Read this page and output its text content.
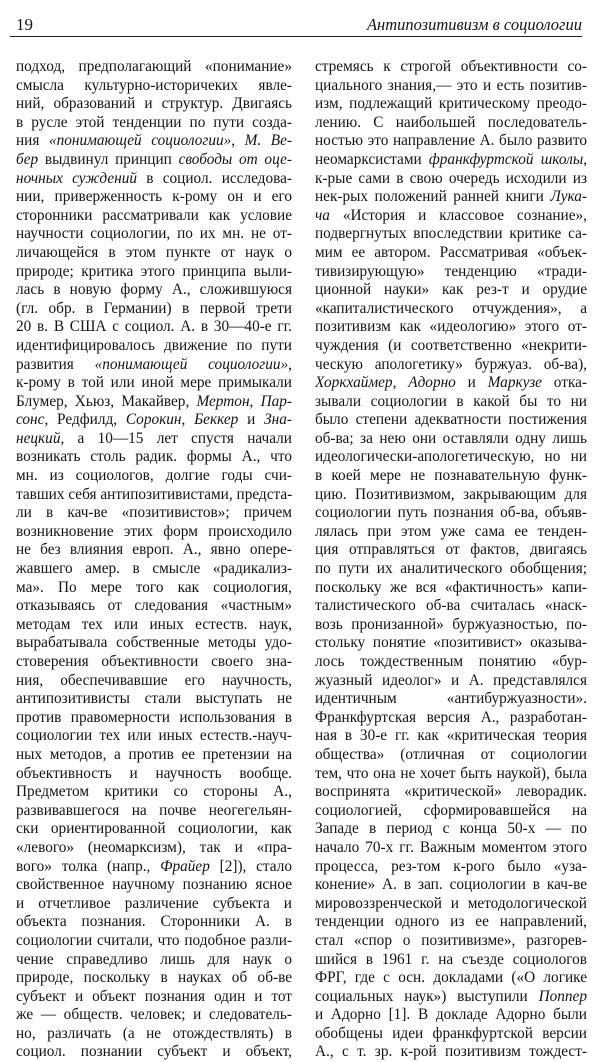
19	Антипозитивизм в социологии
подход, предполагающий «понимание»
смысла культурно-историчеких явле-
ний, образований и структур. Двигаясь
в русле этой тенденции по пути созда-
ния «понимающей социологии», М. Ве-
бер выдвинул принцип свободы от оце-
ночных суждений в социол. исследова-
нии, приверженность к-рому он и его
сторонники рассматривали как условие
научности социологии, по их мн. не от-
личающейся в этом пункте от наук о
природе; критика этого принципа выли-
лась в новую форму А., сложившуюся
(гл. обр. в Германии) в первой трети
20 в. В США с социол. А. в 30—40-е гг.
идентифицировалось движение по пути
развития «понимающей социологии»,
к-рому в той или иной мере примыкали
Блумер, Хьюз, Макайвер, Мертон, Пар-
сонс, Редфилд, Сорокин, Беккер и Зна-
нецкий, а 10—15 лет спустя начали
возникать столь радик. формы А., что
мн. из социологов, долгие годы счи-
тавших себя антипозитивистами, предста-
ли в кач-ве «позитивистов»; причем
возникновение этих форм происходило
не без влияния европ. А., явно опере-
жавшего амер. в смысле «радикализ-
ма». По мере того как социология,
отказываясь от следования «частным»
методам тех или иных естеств. наук,
вырабатывала собственные методы удо-
стоверения объективности своего зна-
ния, обеспечивавшие его научность,
антипозитивисты стали выступать не
против правомерности использования в
социологии тех или иных естеств.-науч-
ных методов, а против ее претензии на
объективность и научность вообще.
Предметом критики со стороны А.,
развивавшегося на почве неогегельян-
ски ориентированной социологии, как
«левого» (неомарксизм), так и «пра-
вого» толка (напр., Фрайер [2]), стало
свойственное научному познанию ясное
и отчетливое различение субъекта и
объекта познания. Сторонники А. в
социологии считали, что подобное разли-
чение справедливо лишь для наук о
природе, поскольку в науках об об-ве
субъект и объект познания один и тот
же — обществ. человек; и следователь-
но, различать (а не отождествлять) в
социол. познании субъект и объект,
стремясь к строгой объективности со-
циального знания,— это и есть позитив-
изм, подлежащий критическому преодо-
лению. С наибольшей последователь-
ностью это направление А. было развито
неомарксистами франкфуртской школы,
к-рые сами в свою очередь исходили из
нек-рых положений ранней книги Лука-
ча «История и классовое сознание»,
подвергнутых впоследствии критике са-
мим ее автором. Рассматривая «объек-
тивизирующую» тенденцию «тради-
ционной науки» как рез-т и орудие
«капиталистического отчуждения», а
позитивизм как «идеологию» этого от-
чуждения (и соответственно «некрити-
ческую апологетику» буржуаз. об-ва),
Хоркхаймер, Адорно и Маркузе отка-
зывали социологии в какой бы то ни
было степени адекватности постижения
об-ва; за нею они оставляли одну лишь
идеологически-апологетическую, но ни
в коей мере не познавательную функ-
цию. Позитивизмом, закрывающим для
социологии путь познания об-ва, объяв-
лялась при этом уже сама ее тенден-
ция отправляться от фактов, двигаясь
по пути их аналитического обобщения;
поскольку же вся «фактичность» капи-
талистического об-ва считалась «наск-
возь пронизанной» буржуазностью, по-
стольку понятие «позитивист» оказыва-
лось тождественным понятию «бур-
жуазный идеолог» и А. представлялся
идентичным «антибуржуазности».
Франкфуртская версия А., разработан-
ная в 30-е гг. как «критическая теория
общества» (отличная от социологии
тем, что она не хочет быть наукой), была
воспринята «критической» леворадик.
социологией, сформировавшейся на
Западе в период с конца 50-х — по
начало 70-х гг. Важным моментом этого
процесса, рез-том к-рого было «уза-
конение» А. в зап. социологии в кач-ве
мировоззренческой и методологической
тенденции одного из ее направлений,
стал «спор о позитивизме», разгорев-
шийся в 1961 г. на съезде социологов
ФРГ, где с осн. докладами («О логике
социальных наук») выступили Поппер
и Адорно [1]. В докладе Адорно были
обобщены идеи франкфуртской версии
А., с т. зр. к-рой позитивизм тождест-
